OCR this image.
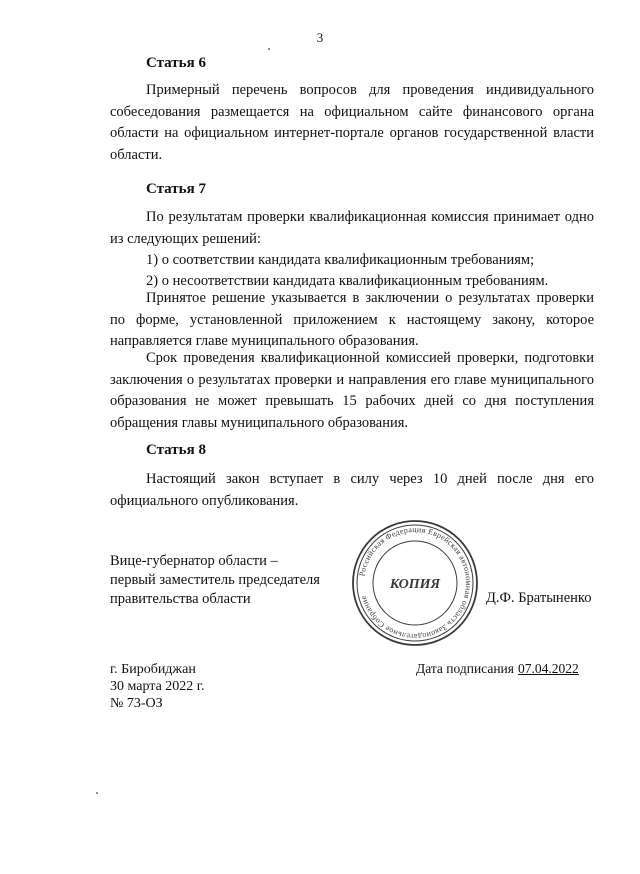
3
Статья 6

Примерный перечень вопросов для проведения индивидуального собеседования размещается на официальном сайте финансового органа области на официальном интернет-портале органов государственной власти области.

Статья 7

По результатам проверки квалификационная комиссия принимает одно из следующих решений:

1) о соответствии кандидата квалификационным требованиям;
2) о несоответствии кандидата квалификационным требованиям.

Принятое решение указывается в заключении о результатах проверки по форме, установленной приложением к настоящему закону, которое направляется главе муниципального образования.

Срок проведения квалификационной комиссией проверки, подготовки заключения о результатах проверки и направления его главе муниципального образования не может превышать 15 рабочих дней со дня поступления обращения главы муниципального образования.

Статья 8

Настоящий закон вступает в силу через 10 дней после дня его официального опубликования.

Вице-губернатор области –
первый заместитель председателя
правительства области
Российская Федерация Еврейская автономная область Законодательное Собрание
КОПИЯ
Д.Ф. Братыненко
г. Биробиджан
30 марта 2022 г.
№ 73-ОЗ
Дата подписания 07.04.2022
